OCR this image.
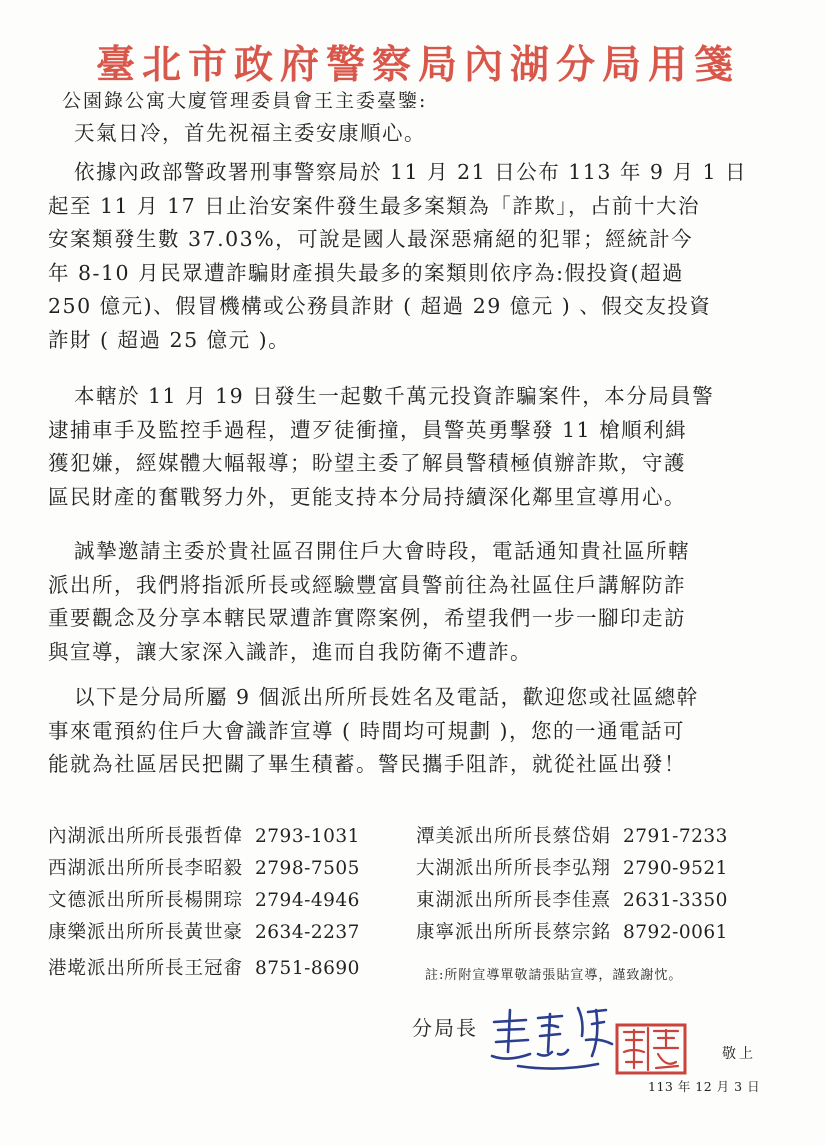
臺北市政府警察局內湖分局用箋
公園錄公寓大廈管理委員會王主委臺鑒:
天氣日冷，首先祝福主委安康順心。
依據內政部警政署刑事警察局於 11 月 21 日公布 113 年 9 月 1 日
起至 11 月 17 日止治安案件發生最多案類為「詐欺」，占前十大治
安案類發生數 37.03%，可說是國人最深惡痛絕的犯罪；經統計今
年 8-10 月民眾遭詐騙財產損失最多的案類則依序為:假投資(超過
250 億元)、假冒機構或公務員詐財 ( 超過 29 億元 ) 、假交友投資
詐財 ( 超過 25 億元 )。
本轄於 11 月 19 日發生一起數千萬元投資詐騙案件，本分局員警
逮捕車手及監控手過程，遭歹徒衝撞，員警英勇擊發 11 槍順利緝
獲犯嫌，經媒體大幅報導；盼望主委了解員警積極偵辦詐欺，守護
區民財產的奮戰努力外，更能支持本分局持續深化鄰里宣導用心。
誠摯邀請主委於貴社區召開住戶大會時段，電話通知貴社區所轄
派出所，我們將指派所長或經驗豐富員警前往為社區住戶講解防詐
重要觀念及分享本轄民眾遭詐實際案例，希望我們一步一腳印走訪
與宣導，讓大家深入識詐，進而自我防衛不遭詐。
以下是分局所屬 9 個派出所所長姓名及電話，歡迎您或社區總幹
事來電預約住戶大會識詐宣導 ( 時間均可規劃 )，您的一通電話可
能就為社區居民把關了畢生積蓄。警民攜手阻詐，就從社區出發！
內湖派出所所長張哲偉 2793-1031
西湖派出所所長李昭毅 2798-7505
文德派出所所長楊開琮 2794-4946
康樂派出所所長黃世豪 2634-2237
港墘派出所所長王冠畬 8751-8690
潭美派出所所長蔡岱娟 2791-7233
大湖派出所所長李弘翔 2790-9521
東湖派出所所長李佳熹 2631-3350
康寧派出所所長蔡宗銘 8792-0061
註:所附宣導單敬請張貼宣導，謹致謝忱。
分局長
敬上
113 年 12 月 3 日
